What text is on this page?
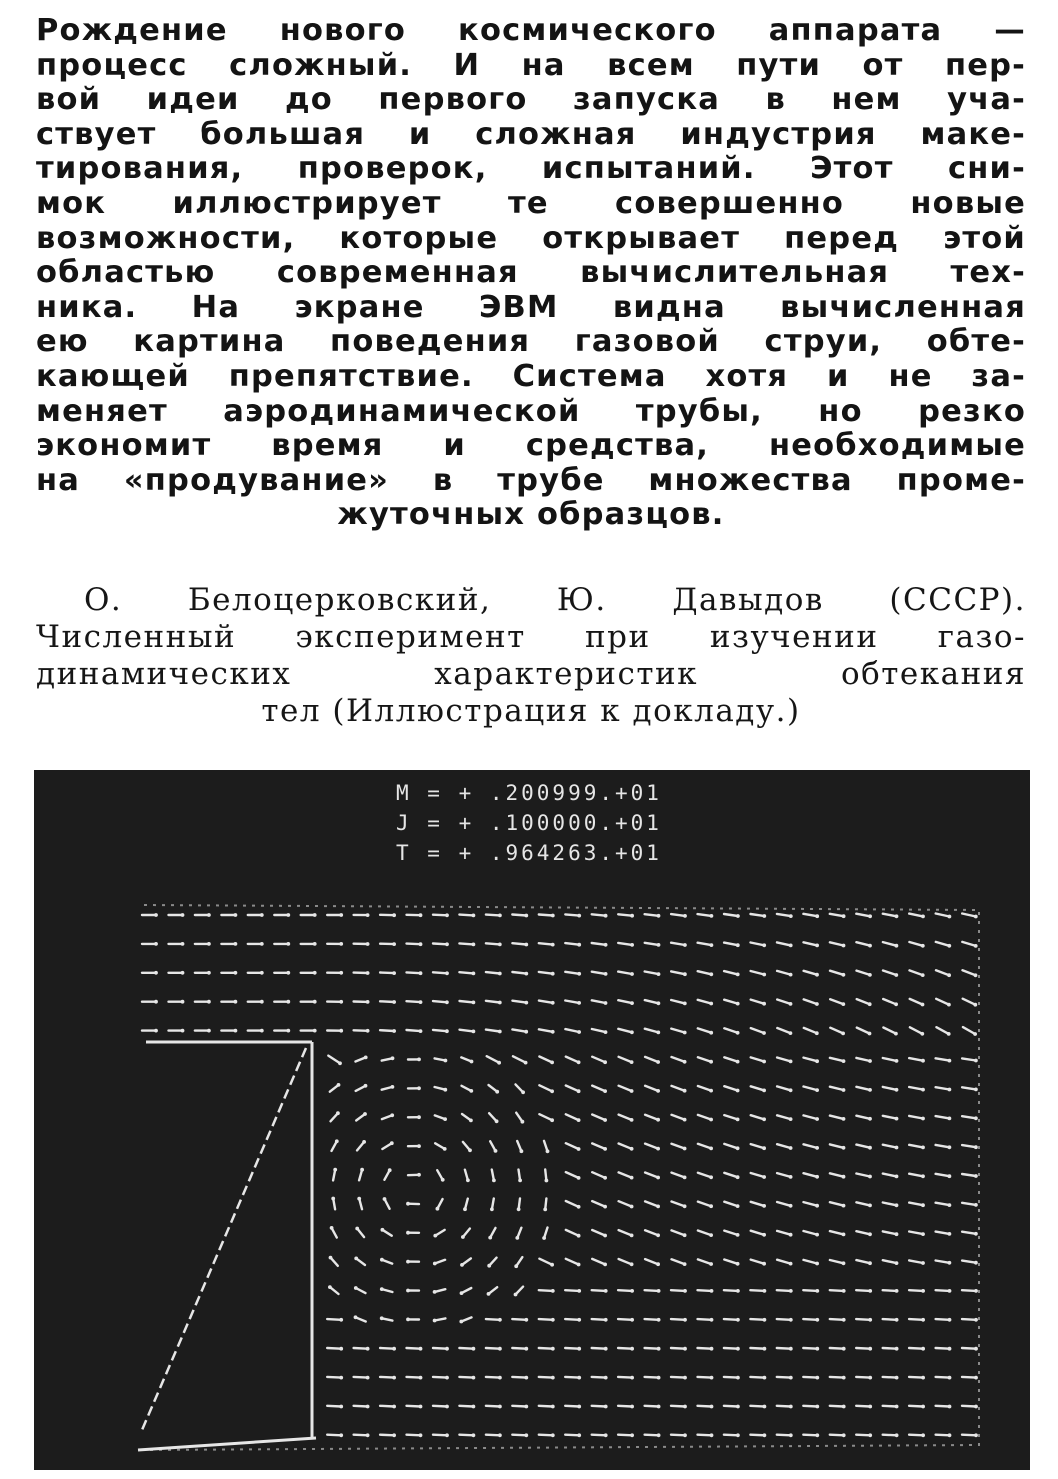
Рождение нового космического аппарата —
процесс сложный. И на всем пути от пер-
вой идеи до первого запуска в нем уча-
ствует большая и сложная индустрия маке-
тирования, проверок, испытаний. Этот сни-
мок иллюстрирует те совершенно новые
возможности, которые открывает перед этой
областью современная вычислительная тех-
ника. На экране ЭВМ видна вычисленная
ею картина поведения газовой струи, обте-
кающей препятствие. Система хотя и не за-
меняет аэродинамической трубы, но резко
экономит время и средства, необходимые
на «продувание» в трубе множества проме-
жуточных образцов.
О. Белоцерковский, Ю. Давыдов (СССР).
Численный эксперимент при изучении газо-
динамических характеристик обтекания
тел (Иллюстрация к докладу.)
M = + .200999.+01
J = + .100000.+01
T = + .964263.+01
